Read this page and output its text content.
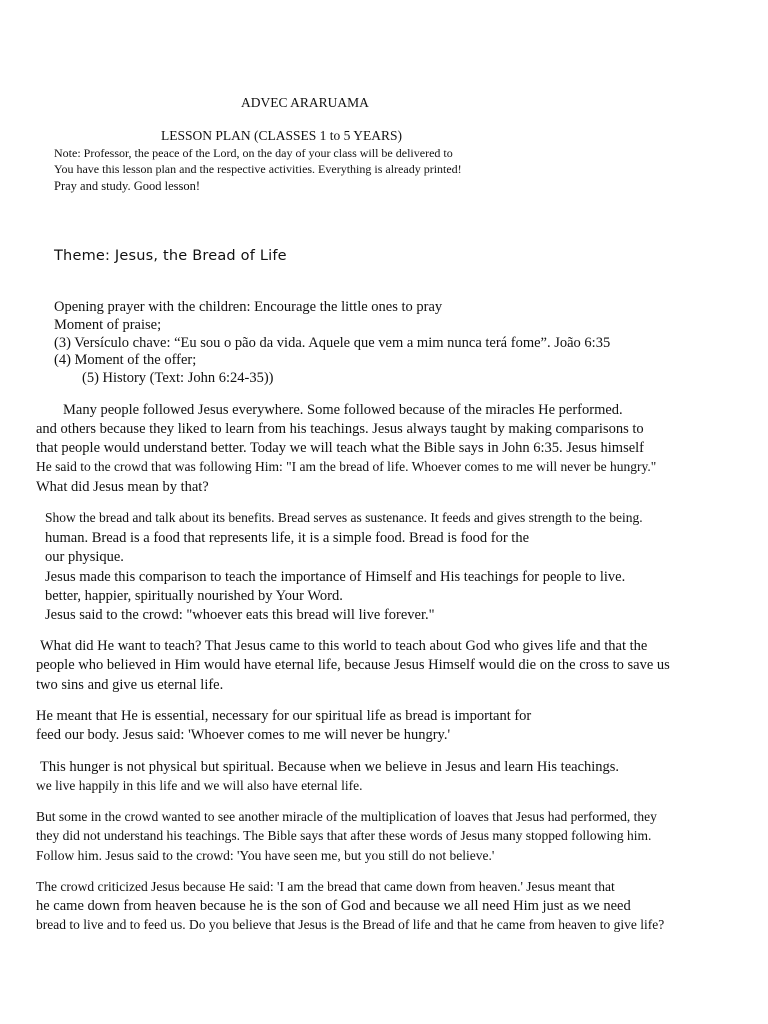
ADVEC ARARUAMA
LESSON PLAN (CLASSES 1 to 5 YEARS)
Note: Professor, the peace of the Lord, on the day of your class will be delivered to
You have this lesson plan and the respective activities. Everything is already printed!
Pray and study. Good lesson!
Theme: Jesus, the Bread of Life
Opening prayer with the children: Encourage the little ones to pray
Moment of praise;
(3) Versículo chave: “Eu sou o pão da vida. Aquele que vem a mim nunca terá fome”. João 6:35
(4) Moment of the offer;
(5) History (Text: John 6:24-35))
Many people followed Jesus everywhere. Some followed because of the miracles He performed.
and others because they liked to learn from his teachings. Jesus always taught by making comparisons to
that people would understand better. Today we will teach what the Bible says in John 6:35. Jesus himself
He said to the crowd that was following Him: "I am the bread of life. Whoever comes to me will never be hungry."
What did Jesus mean by that?
Show the bread and talk about its benefits. Bread serves as sustenance. It feeds and gives strength to the being.
human. Bread is a food that represents life, it is a simple food. Bread is food for the
our physique.
Jesus made this comparison to teach the importance of Himself and His teachings for people to live.
better, happier, spiritually nourished by Your Word.
Jesus said to the crowd: "whoever eats this bread will live forever."
What did He want to teach? That Jesus came to this world to teach about God who gives life and that the
people who believed in Him would have eternal life, because Jesus Himself would die on the cross to save us
two sins and give us eternal life.
He meant that He is essential, necessary for our spiritual life as bread is important for
feed our body. Jesus said: 'Whoever comes to me will never be hungry.'
This hunger is not physical but spiritual. Because when we believe in Jesus and learn His teachings.
we live happily in this life and we will also have eternal life.
But some in the crowd wanted to see another miracle of the multiplication of loaves that Jesus had performed, they
they did not understand his teachings. The Bible says that after these words of Jesus many stopped following him.
Follow him. Jesus said to the crowd: 'You have seen me, but you still do not believe.'
The crowd criticized Jesus because He said: 'I am the bread that came down from heaven.' Jesus meant that
he came down from heaven because he is the son of God and because we all need Him just as we need
bread to live and to feed us. Do you believe that Jesus is the Bread of life and that he came from heaven to give life?
